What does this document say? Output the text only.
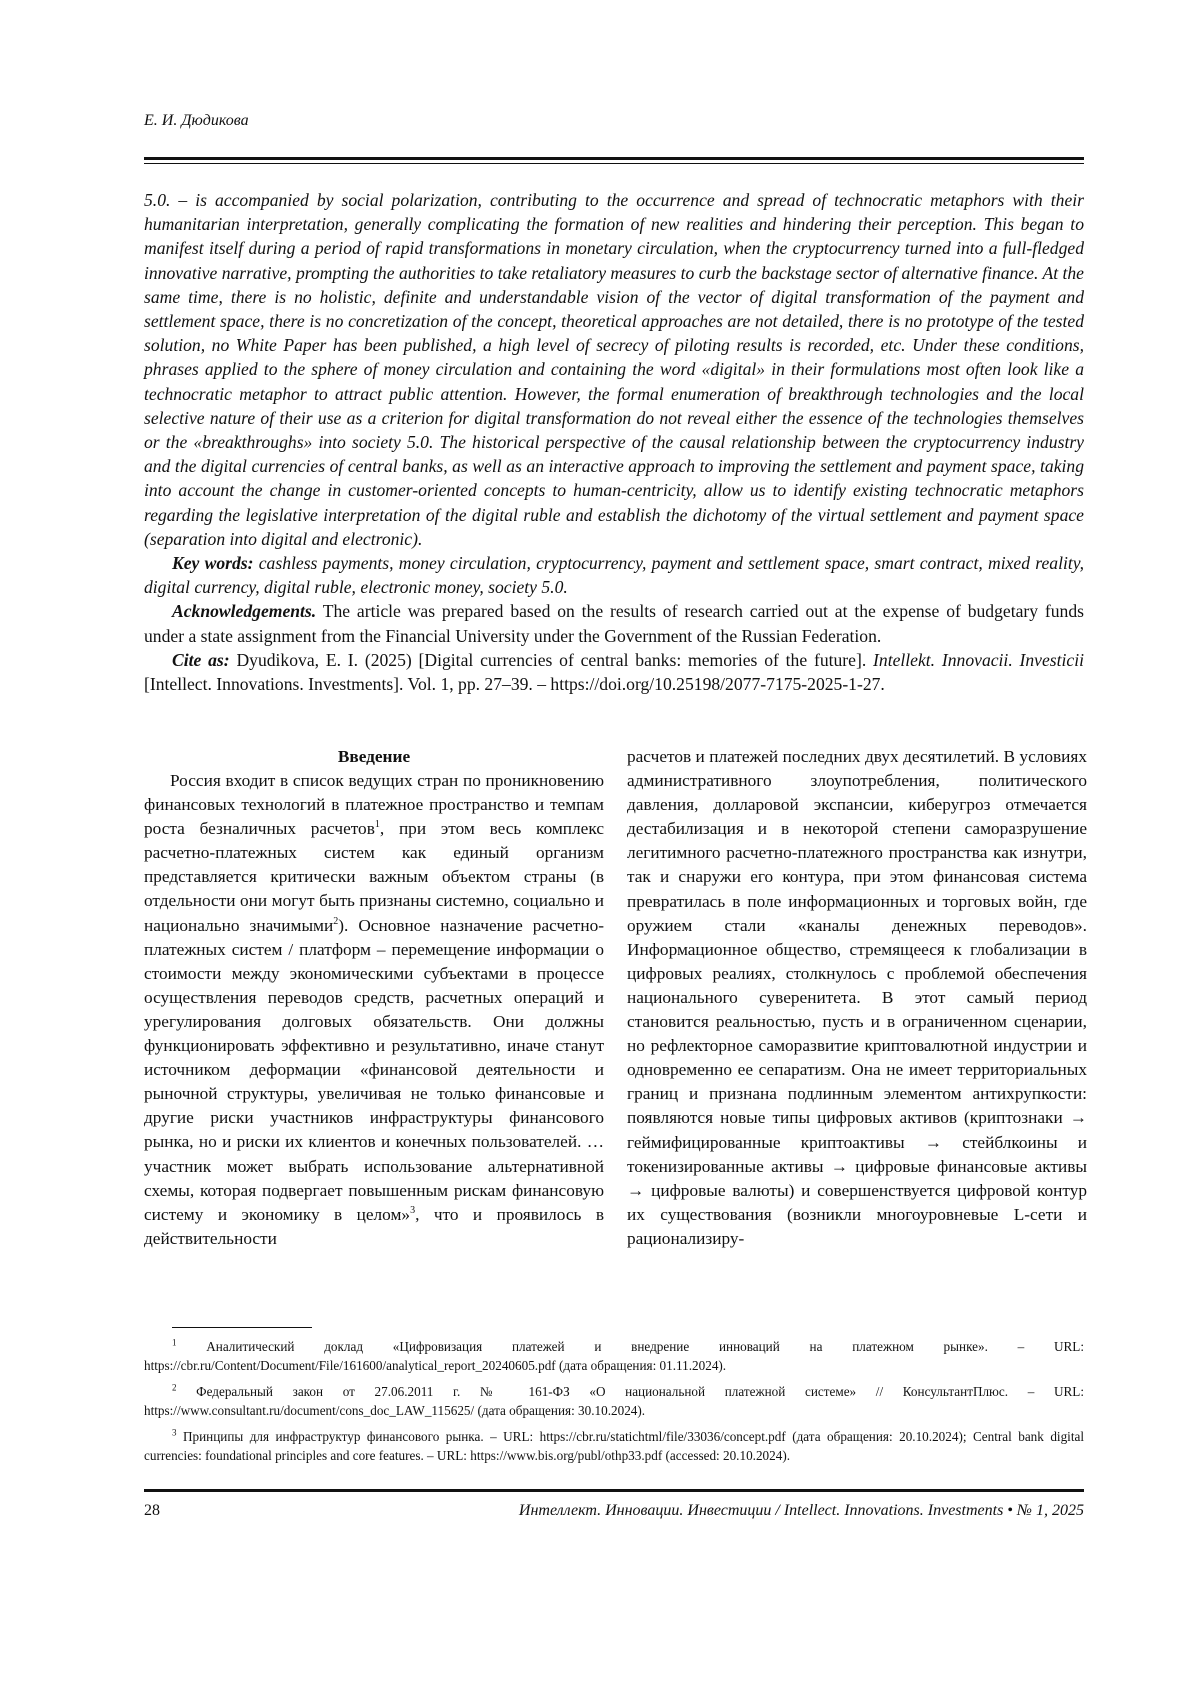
Е. И. Дюдикова

5.0. – is accompanied by social polarization, contributing to the occurrence and spread of technocratic metaphors with their humanitarian interpretation, generally complicating the formation of new realities and hindering their perception. This began to manifest itself during a period of rapid transformations in monetary circulation, when the cryptocurrency turned into a full-fledged innovative narrative, prompting the authorities to take retaliatory measures to curb the backstage sector of alternative finance. At the same time, there is no holistic, definite and understandable vision of the vector of digital transformation of the payment and settlement space, there is no concretization of the concept, theoretical approaches are not detailed, there is no prototype of the tested solution, no White Paper has been published, a high level of secrecy of piloting results is recorded, etc. Under these conditions, phrases applied to the sphere of money circulation and containing the word «digital» in their formulations most often look like a technocratic metaphor to attract public attention. However, the formal enumeration of breakthrough technologies and the local selective nature of their use as a criterion for digital transformation do not reveal either the essence of the technologies themselves or the «breakthroughs» into society 5.0. The historical perspective of the causal relationship between the cryptocurrency industry and the digital currencies of central banks, as well as an interactive approach to improving the settlement and payment space, taking into account the change in customer-oriented concepts to human-centricity, allow us to identify existing technocratic metaphors regarding the legislative interpretation of the digital ruble and establish the dichotomy of the virtual settlement and payment space (separation into digital and electronic).

Key words: cashless payments, money circulation, cryptocurrency, payment and settlement space, smart contract, mixed reality, digital currency, digital ruble, electronic money, society 5.0.

Acknowledgements. The article was prepared based on the results of research carried out at the expense of budgetary funds under a state assignment from the Financial University under the Government of the Russian Federation.

Cite as: Dyudikova, E. I. (2025) [Digital currencies of central banks: memories of the future]. Intellekt. Innovacii. Investicii [Intellect. Innovations. Investments]. Vol. 1, pp. 27–39. – https://doi.org/10.25198/2077-7175-2025-1-27.

Введение

Россия входит в список ведущих стран по проникновению финансовых технологий в платежное пространство и темпам роста безналичных расчетов$^1$, при этом весь комплекс расчетно-платежных систем как единый организм представляется критически важным объектом страны (в отдельности они могут быть признаны системно, социально и национально значимыми$^2$). Основное назначение расчетно-платежных систем / платформ – перемещение информации о стоимости между экономическими субъектами в процессе осуществления переводов средств, расчетных операций и урегулирования долговых обязательств. Они должны функционировать эффективно и результативно, иначе станут источником деформации «финансовой деятельности и рыночной структуры, увеличивая не только финансовые и другие риски участников инфраструктуры финансового рынка, но и риски их клиентов и конечных пользователей. … участник может выбрать использование альтернативной схемы, которая подвергает повышенным рискам финансовую систему и экономику в целом»$^3$, что и проявилось в действительности

расчетов и платежей последних двух десятилетий. В условиях административного злоупотребления, политического давления, долларовой экспансии, киберугроз отмечается дестабилизация и в некоторой степени саморазрушение легитимного расчетно-платежного пространства как изнутри, так и снаружи его контура, при этом финансовая система превратилась в поле информационных и торговых войн, где оружием стали «каналы денежных переводов». Информационное общество, стремящееся к глобализации в цифровых реалиях, столкнулось с проблемой обеспечения национального суверенитета. В этот самый период становится реальностью, пусть и в ограниченном сценарии, но рефлекторное саморазвитие криптовалютной индустрии и одновременно ее сепаратизм. Она не имеет территориальных границ и признана подлинным элементом антихрупкости: появляются новые типы цифровых активов (криптознаки → геймифицированные криптоактивы → стейблкоины и токенизированные активы → цифровые финансовые активы → цифровые валюты) и совершенствуется цифровой контур их существования (возникли многоуровневые L-сети и рационализиру-

$^1$ Аналитический доклад «Цифровизация платежей и внедрение инноваций на платежном рынке». – URL: https://cbr.ru/Content/Document/File/161600/analytical_report_20240605.pdf (дата обращения: 01.11.2024).

$^2$ Федеральный закон от 27.06.2011 г. № 161-ФЗ «О национальной платежной системе» // КонсультантПлюс. – URL: https://www.consultant.ru/document/cons_doc_LAW_115625/ (дата обращения: 30.10.2024).

$^3$ Принципы для инфраструктур финансового рынка. – URL: https://cbr.ru/statichtml/file/33036/concept.pdf (дата обращения: 20.10.2024); Central bank digital currencies: foundational principles and core features. – URL: https://www.bis.org/publ/othp33.pdf (accessed: 20.10.2024).

28	Интеллект. Инновации. Инвестиции / Intellect. Innovations. Investments • № 1, 2025
